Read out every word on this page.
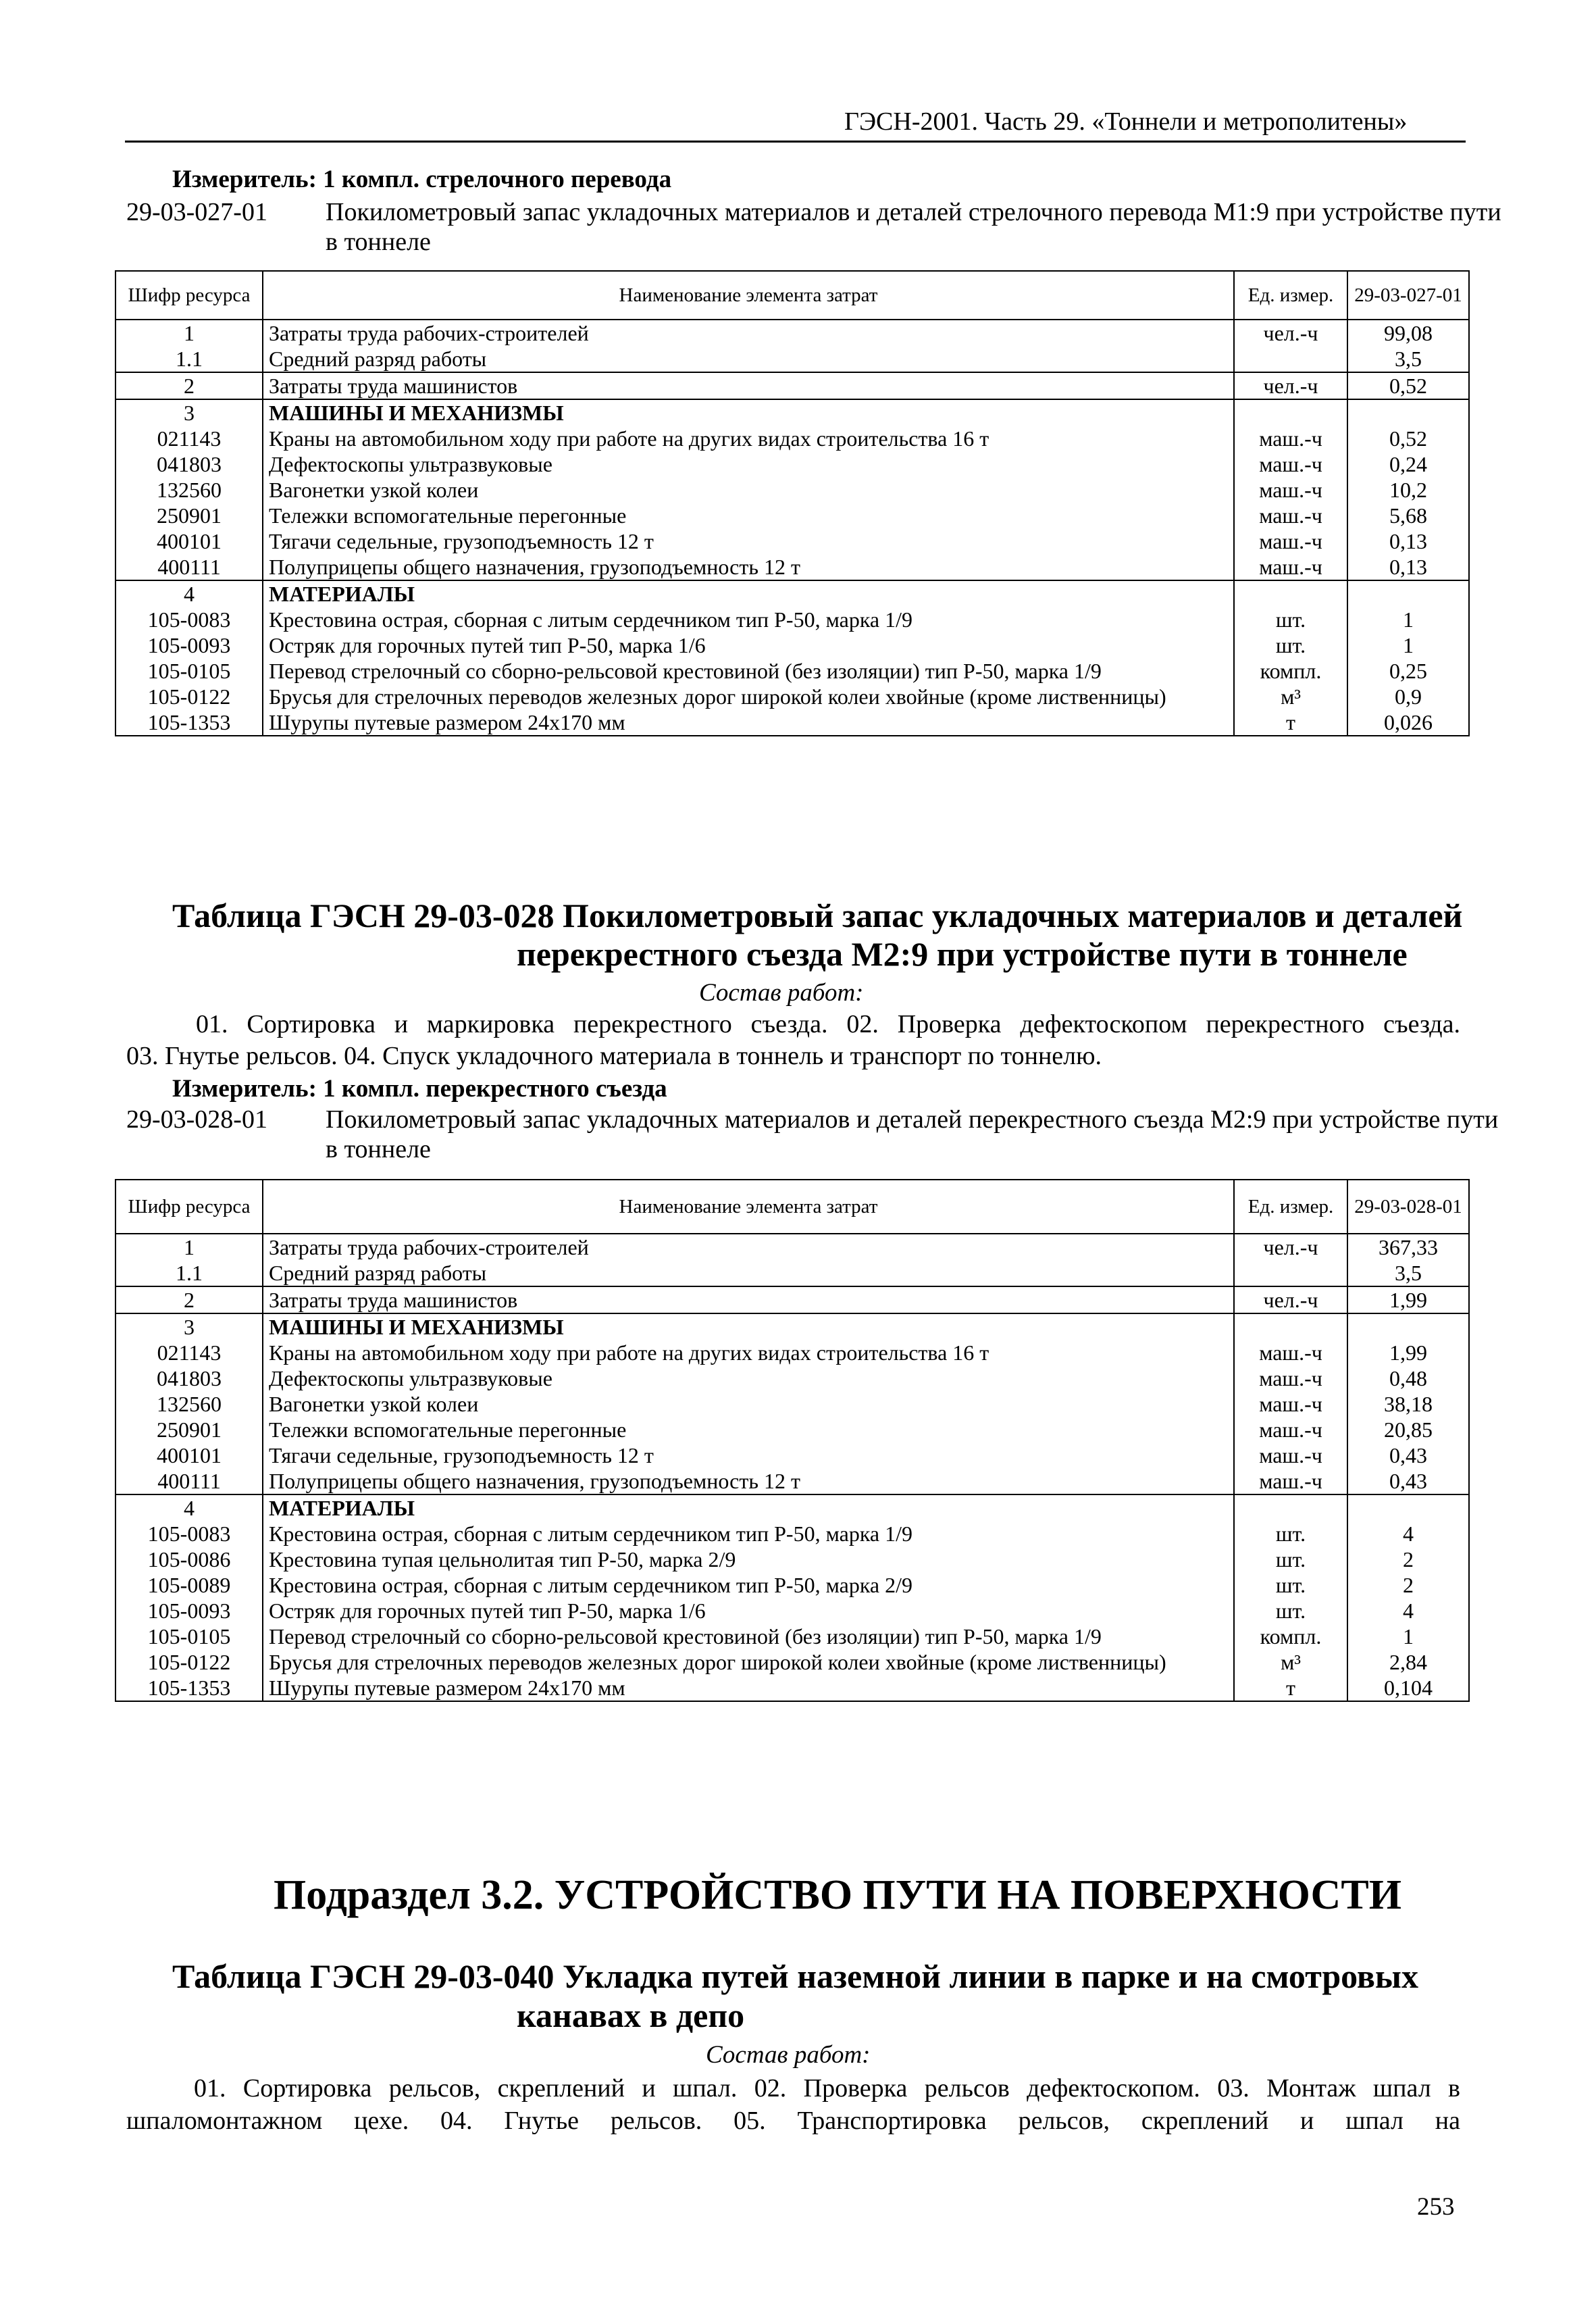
ГЭСН-2001. Часть 29. «Тоннели и метрополитены»
Измеритель: 1 компл. стрелочного перевода
29-03-027-01 Покилометровый запас укладочных материалов и деталей стрелочного перевода М1:9 при устройстве пути в тоннеле
Шифр ресурса	Наименование элемента затрат	Ед. измер.	29-03-027-01
1	Затраты труда рабочих-строителей	чел.-ч	99,08
1.1	Средний разряд работы		3,5
2	Затраты труда машинистов	чел.-ч	0,52
3	МАШИНЫ И МЕХАНИЗМЫ		
021143	Краны на автомобильном ходу при работе на других видах строительства 16 т	маш.-ч	0,52
041803	Дефектоскопы ультразвуковые	маш.-ч	0,24
132560	Вагонетки узкой колеи	маш.-ч	10,2
250901	Тележки вспомогательные перегонные	маш.-ч	5,68
400101	Тягачи седельные, грузоподъемность 12 т	маш.-ч	0,13
400111	Полуприцепы общего назначения, грузоподъемность 12 т	маш.-ч	0,13
4	МАТЕРИАЛЫ		
105-0083	Крестовина острая, сборная с литым сердечником тип Р-50, марка 1/9	шт.	1
105-0093	Остряк для горочных путей тип Р-50, марка 1/6	шт.	1
105-0105	Перевод стрелочный со сборно-рельсовой крестовиной (без изоляции) тип Р-50, марка 1/9	компл.	0,25
105-0122	Брусья для стрелочных переводов железных дорог широкой колеи хвойные (кроме лиственницы)	м³	0,9
105-1353	Шурупы путевые размером 24х170 мм	т	0,026
Таблица ГЭСН 29-03-028 Покилометровый запас укладочных материалов и деталей
перекрестного съезда М2:9 при устройстве пути в тоннеле
Состав работ:
01. Сортировка и маркировка перекрестного съезда. 02. Проверка дефектоскопом перекрестного съезда.
03. Гнутье рельсов. 04. Спуск укладочного материала в тоннель и транспорт по тоннелю.
Измеритель: 1 компл. перекрестного съезда
29-03-028-01 Покилометровый запас укладочных материалов и деталей перекрестного съезда М2:9 при устройстве пути в тоннеле
Шифр ресурса	Наименование элемента затрат	Ед. измер.	29-03-028-01
1	Затраты труда рабочих-строителей	чел.-ч	367,33
1.1	Средний разряд работы		3,5
2	Затраты труда машинистов	чел.-ч	1,99
3	МАШИНЫ И МЕХАНИЗМЫ		
021143	Краны на автомобильном ходу при работе на других видах строительства 16 т	маш.-ч	1,99
041803	Дефектоскопы ультразвуковые	маш.-ч	0,48
132560	Вагонетки узкой колеи	маш.-ч	38,18
250901	Тележки вспомогательные перегонные	маш.-ч	20,85
400101	Тягачи седельные, грузоподъемность 12 т	маш.-ч	0,43
400111	Полуприцепы общего назначения, грузоподъемность 12 т	маш.-ч	0,43
4	МАТЕРИАЛЫ		
105-0083	Крестовина острая, сборная с литым сердечником тип Р-50, марка 1/9	шт.	4
105-0086	Крестовина тупая цельнолитая тип Р-50, марка 2/9	шт.	2
105-0089	Крестовина острая, сборная с литым сердечником тип Р-50, марка 2/9	шт.	2
105-0093	Остряк для горочных путей тип Р-50, марка 1/6	шт.	4
105-0105	Перевод стрелочный со сборно-рельсовой крестовиной (без изоляции) тип Р-50, марка 1/9	компл.	1
105-0122	Брусья для стрелочных переводов железных дорог широкой колеи хвойные (кроме лиственницы)	м³	2,84
105-1353	Шурупы путевые размером 24х170 мм	т	0,104
Подраздел 3.2. УСТРОЙСТВО ПУТИ НА ПОВЕРХНОСТИ
Таблица ГЭСН 29-03-040 Укладка путей наземной линии в парке и на смотровых
канавах в депо
Состав работ:
01. Сортировка рельсов, скреплений и шпал. 02. Проверка рельсов дефектоскопом. 03. Монтаж шпал в
шпаломонтажном цехе. 04. Гнутье рельсов. 05. Транспортировка рельсов, скреплений и шпал на
253
